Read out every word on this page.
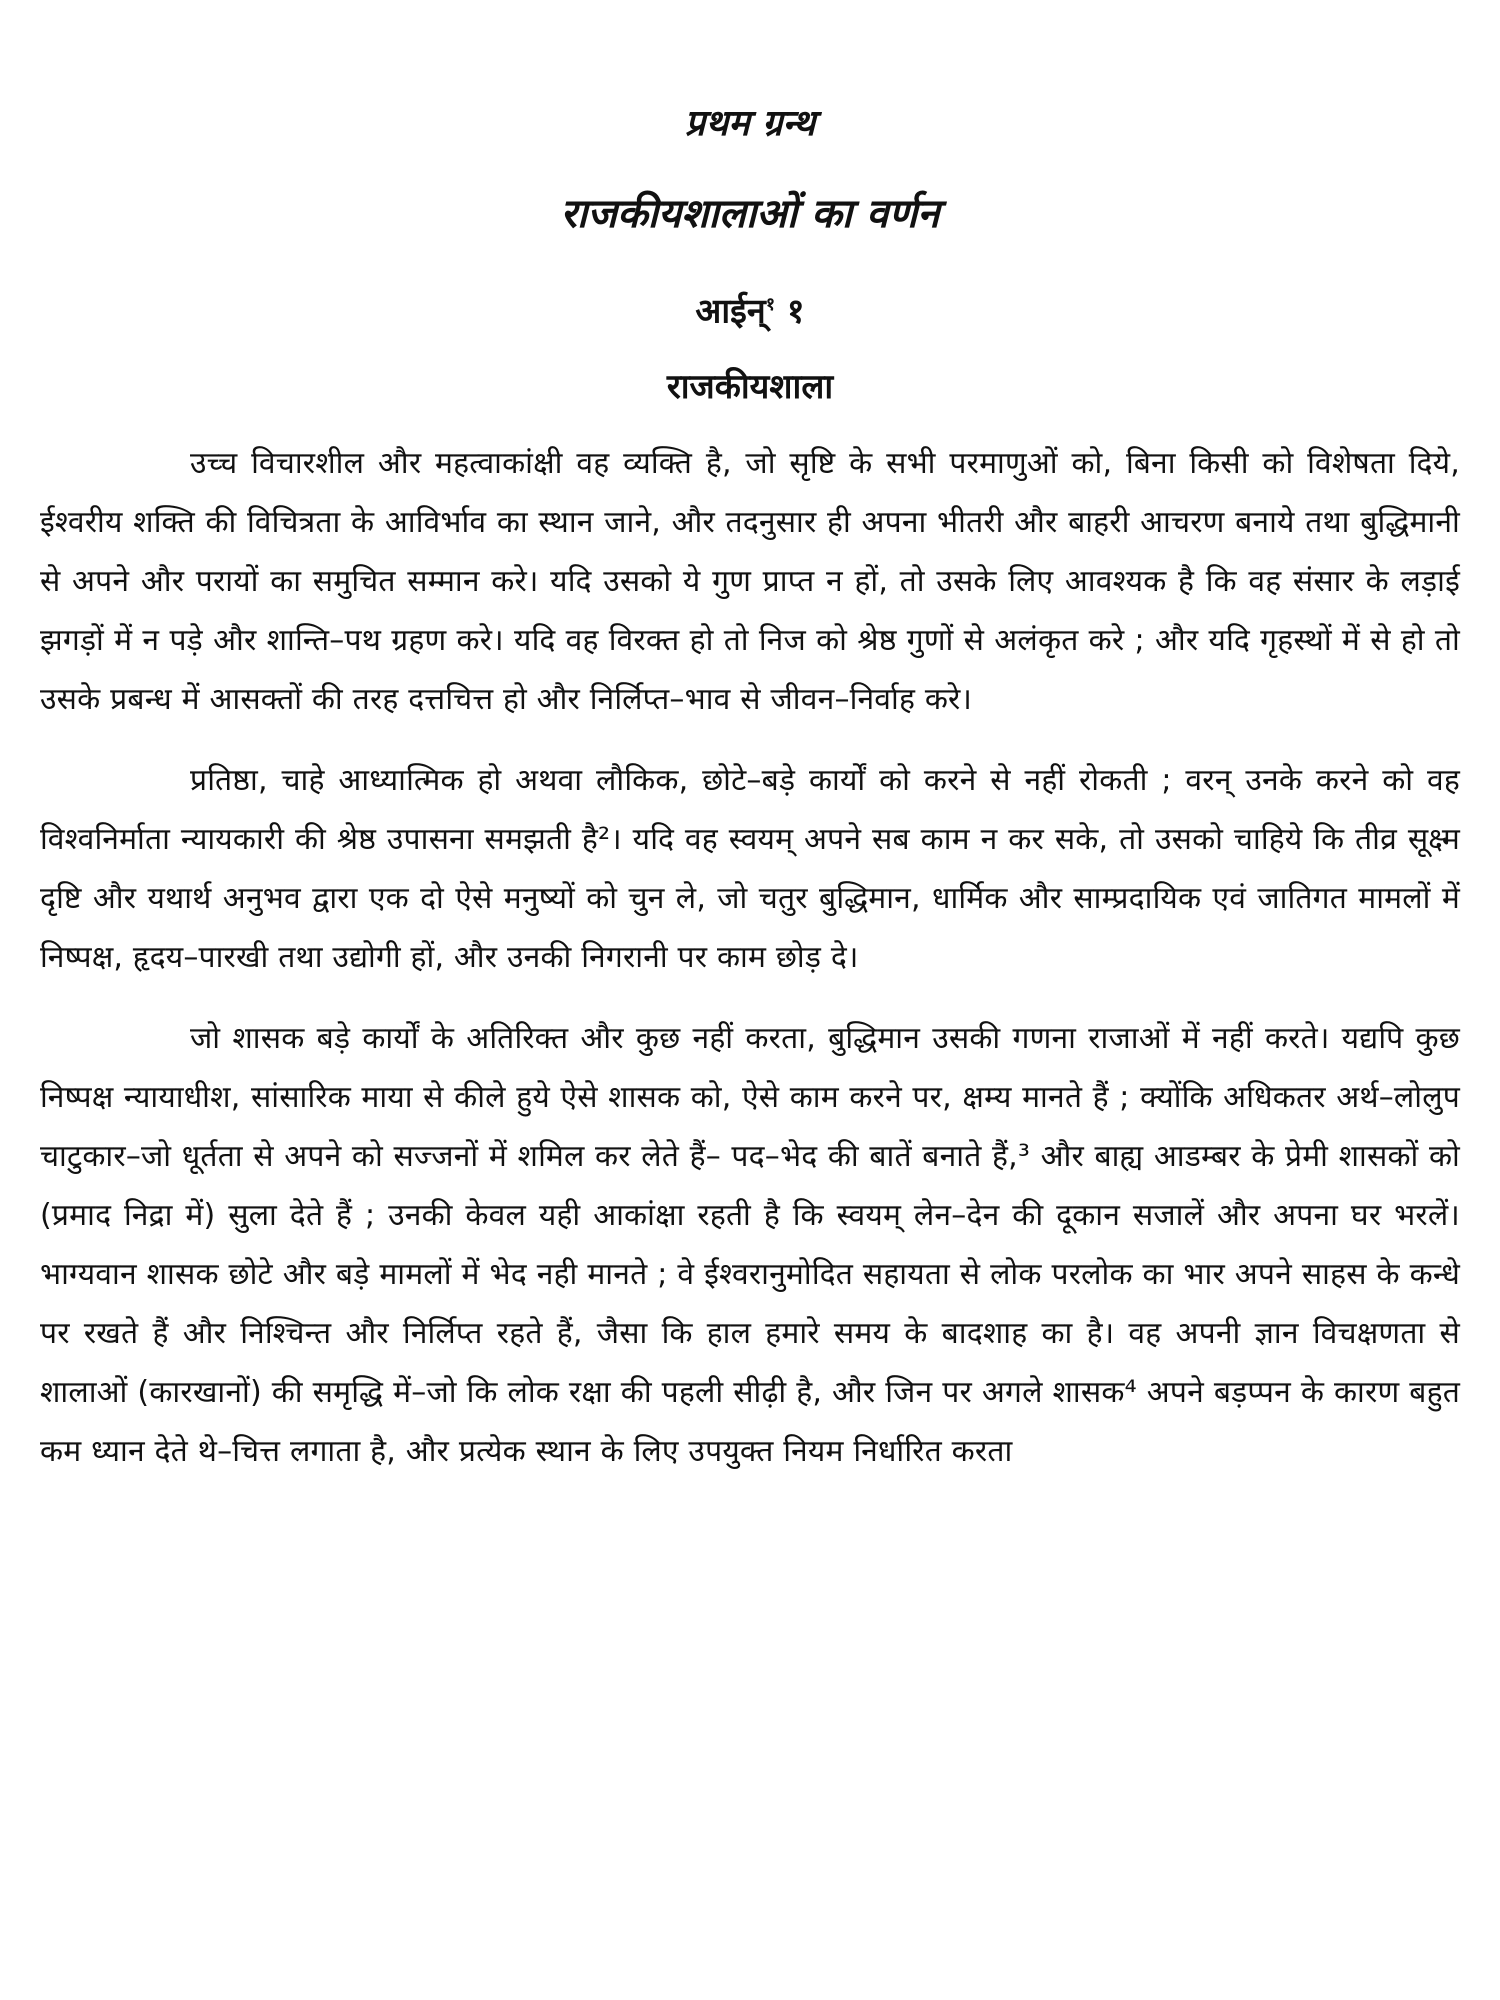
प्रथम ग्रन्थ
राजकीयशालाओं का वर्णन
आईन्$^१$ १
राजकीयशाला

उच्च विचारशील और महत्वाकांक्षी वह व्यक्ति है, जो सृष्टि के सभी परमाणुओं को, बिना किसी को विशेषता दिये, ईश्वरीय शक्ति की विचित्रता के आविर्भाव का स्थान जाने, और तदनुसार ही अपना भीतरी और बाहरी आचरण बनाये तथा बुद्धिमानी से अपने और परायों का समुचित सम्मान करे। यदि उसको ये गुण प्राप्त न हों, तो उसके लिए आवश्यक है कि वह संसार के लड़ाई झगड़ों में न पड़े और शान्ति–पथ ग्रहण करे। यदि वह विरक्त हो तो निज को श्रेष्ठ गुणों से अलंकृत करे ; और यदि गृहस्थों में से हो तो उसके प्रबन्ध में आसक्तों की तरह दत्तचित्त हो और निर्लिप्त–भाव से जीवन–निर्वाह करे।

प्रतिष्ठा, चाहे आध्यात्मिक हो अथवा लौकिक, छोटे–बड़े कार्यों को करने से नहीं रोकती ; वरन् उनके करने को वह विश्वनिर्माता न्यायकारी की श्रेष्ठ उपासना समझती है²। यदि वह स्वयम् अपने सब काम न कर सके, तो उसको चाहिये कि तीव्र सूक्ष्म दृष्टि और यथार्थ अनुभव द्वारा एक दो ऐसे मनुष्यों को चुन ले, जो चतुर बुद्धिमान, धार्मिक और साम्प्रदायिक एवं जातिगत मामलों में निष्पक्ष, हृदय–पारखी तथा उद्योगी हों, और उनकी निगरानी पर काम छोड़ दे।

जो शासक बड़े कार्यों के अतिरिक्त और कुछ नहीं करता, बुद्धिमान उसकी गणना राजाओं में नहीं करते। यद्यपि कुछ निष्पक्ष न्यायाधीश, सांसारिक माया से कीले हुये ऐसे शासक को, ऐसे काम करने पर, क्षम्य मानते हैं ; क्योंकि अधिकतर अर्थ–लोलुप चाटुकार–जो धूर्तता से अपने को सज्जनों में शमिल कर लेते हैं– पद–भेद की बातें बनाते हैं,³ और बाह्य आडम्बर के प्रेमी शासकों को (प्रमाद निद्रा में) सुला देते हैं ; उनकी केवल यही आकांक्षा रहती है कि स्वयम् लेन–देन की दूकान सजालें और अपना घर भरलें। भाग्यवान शासक छोटे और बड़े मामलों में भेद नही मानते ; वे ईश्वरानुमोदित सहायता से लोक परलोक का भार अपने साहस के कन्धे पर रखते हैं और निश्चिन्त और निर्लिप्त रहते हैं, जैसा कि हाल हमारे समय के बादशाह का है। वह अपनी ज्ञान विचक्षणता से शालाओं (कारखानों) की समृद्धि में–जो कि लोक रक्षा की पहली सीढ़ी है, और जिन पर अगले शासक⁴ अपने बड़प्पन के कारण बहुत कम ध्यान देते थे–चित्त लगाता है, और प्रत्येक स्थान के लिए उपयुक्त नियम निर्धारित करता
